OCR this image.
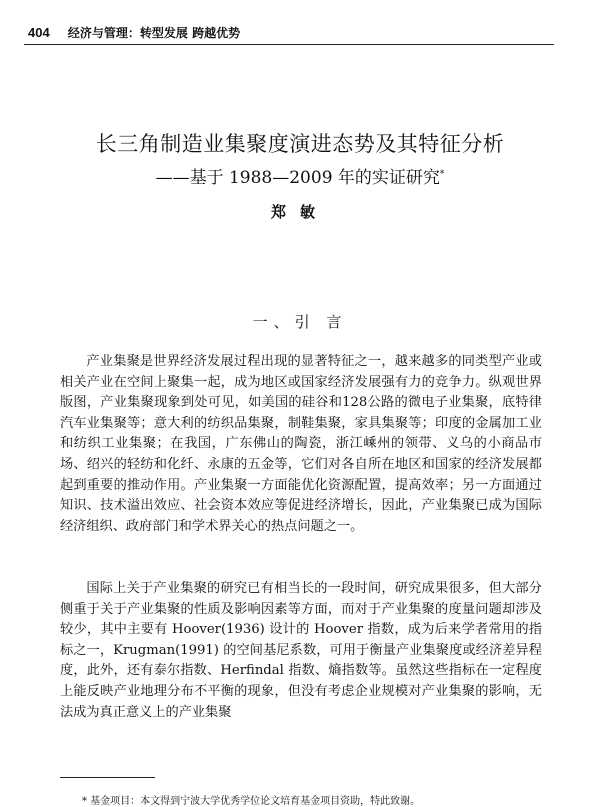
404 经济与管理：转型发展 跨越优势
长三角制造业集聚度演进态势及其特征分析
——基于 1988—2009 年的实证研究*
郑敏
一、引 言

产业集聚是世界经济发展过程出现的显著特征之一，越来越多的同类型产业或相关产业在空间上聚集一起，成为地区或国家经济发展强有力的竞争力。纵观世界版图，产业集聚现象到处可见，如美国的硅谷和128公路的微电子业集聚，底特律汽车业集聚等；意大利的纺织品集聚，制鞋集聚，家具集聚等；印度的金属加工业和纺织工业集聚；在我国，广东佛山的陶瓷，浙江嵊州的领带、义乌的小商品市场、绍兴的轻纺和化纤、永康的五金等，它们对各自所在地区和国家的经济发展都起到重要的推动作用。产业集聚一方面能优化资源配置，提高效率；另一方面通过知识、技术溢出效应、社会资本效应等促进经济增长，因此，产业集聚已成为国际经济组织、政府部门和学术界关心的热点问题之一。

国际上关于产业集聚的研究已有相当长的一段时间，研究成果很多，但大部分侧重于关于产业集聚的性质及影响因素等方面，而对于产业集聚的度量问题却涉及较少，其中主要有 Hoover(1936) 设计的 Hoover 指数，成为后来学者常用的指标之一，Krugman(1991) 的空间基尼系数，可用于衡量产业集聚度或经济差异程度，此外，还有泰尔指数、Herfindal 指数、熵指数等。虽然这些指标在一定程度上能反映产业地理分布不平衡的现象，但没有考虑企业规模对产业集聚的影响，无法成为真正意义上的产业集聚

* 基金项目：本文得到宁波大学优秀学位论文培育基金项目资助，特此致谢。
